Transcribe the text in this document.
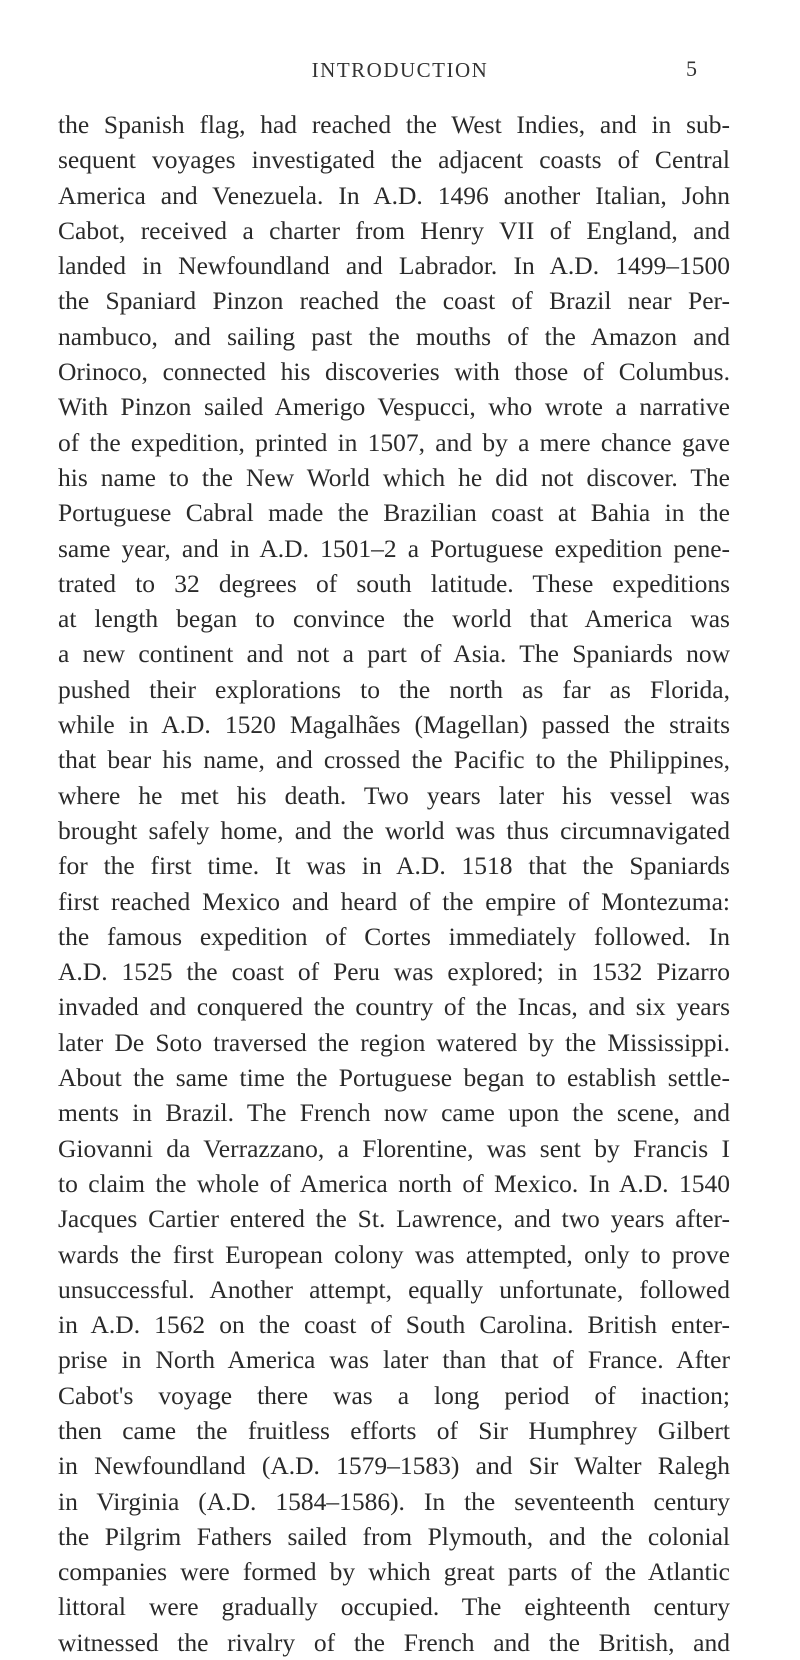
INTRODUCTION	5
the Spanish flag, had reached the West Indies, and in sub-
sequent voyages investigated the adjacent coasts of Central
America and Venezuela. In A.D. 1496 another Italian, John
Cabot, received a charter from Henry VII of England, and
landed in Newfoundland and Labrador. In A.D. 1499–1500
the Spaniard Pinzon reached the coast of Brazil near Per-
nambuco, and sailing past the mouths of the Amazon and
Orinoco, connected his discoveries with those of Columbus.
With Pinzon sailed Amerigo Vespucci, who wrote a narrative
of the expedition, printed in 1507, and by a mere chance gave
his name to the New World which he did not discover. The
Portuguese Cabral made the Brazilian coast at Bahia in the
same year, and in A.D. 1501–2 a Portuguese expedition pene-
trated to 32 degrees of south latitude. These expeditions
at length began to convince the world that America was
a new continent and not a part of Asia. The Spaniards now
pushed their explorations to the north as far as Florida,
while in A.D. 1520 Magalhães (Magellan) passed the straits
that bear his name, and crossed the Pacific to the Philippines,
where he met his death. Two years later his vessel was
brought safely home, and the world was thus circumnavigated
for the first time. It was in A.D. 1518 that the Spaniards
first reached Mexico and heard of the empire of Montezuma:
the famous expedition of Cortes immediately followed. In
A.D. 1525 the coast of Peru was explored; in 1532 Pizarro
invaded and conquered the country of the Incas, and six years
later De Soto traversed the region watered by the Mississippi.
About the same time the Portuguese began to establish settle-
ments in Brazil. The French now came upon the scene, and
Giovanni da Verrazzano, a Florentine, was sent by Francis I
to claim the whole of America north of Mexico. In A.D. 1540
Jacques Cartier entered the St. Lawrence, and two years after-
wards the first European colony was attempted, only to prove
unsuccessful. Another attempt, equally unfortunate, followed
in A.D. 1562 on the coast of South Carolina. British enter-
prise in North America was later than that of France. After
Cabot's voyage there was a long period of inaction;
then came the fruitless efforts of Sir Humphrey Gilbert
in Newfoundland (A.D. 1579–1583) and Sir Walter Ralegh
in Virginia (A.D. 1584–1586). In the seventeenth century
the Pilgrim Fathers sailed from Plymouth, and the colonial
companies were formed by which great parts of the Atlantic
littoral were gradually occupied. The eighteenth century
witnessed the rivalry of the French and the British, and
